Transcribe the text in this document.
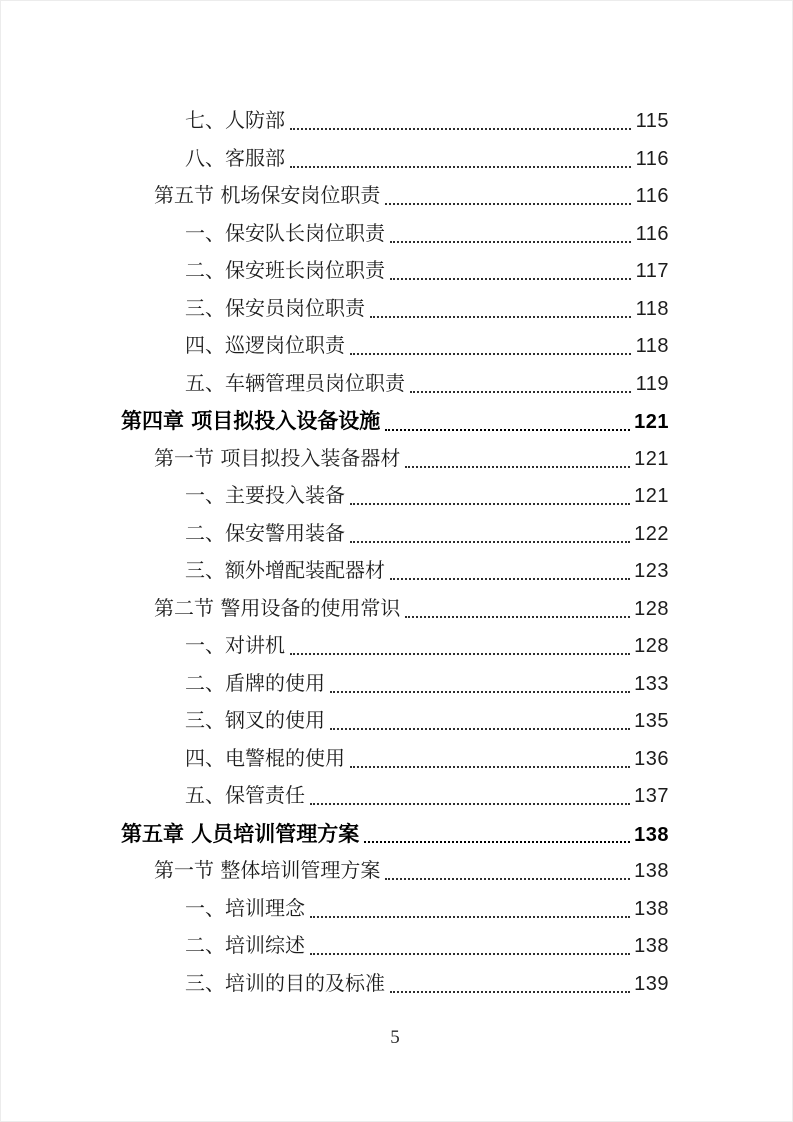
七、人防部	115
八、客服部	116
第五节 机场保安岗位职责	116
一、保安队长岗位职责	116
二、保安班长岗位职责	117
三、保安员岗位职责	118
四、巡逻岗位职责	118
五、车辆管理员岗位职责	119
第四章 项目拟投入设备设施	121
第一节 项目拟投入装备器材	121
一、主要投入装备	121
二、保安警用装备	122
三、额外增配装配器材	123
第二节 警用设备的使用常识	128
一、对讲机	128
二、盾牌的使用	133
三、钢叉的使用	135
四、电警棍的使用	136
五、保管责任	137
第五章 人员培训管理方案	138
第一节 整体培训管理方案	138
一、培训理念	138
二、培训综述	138
三、培训的目的及标准	139
5
